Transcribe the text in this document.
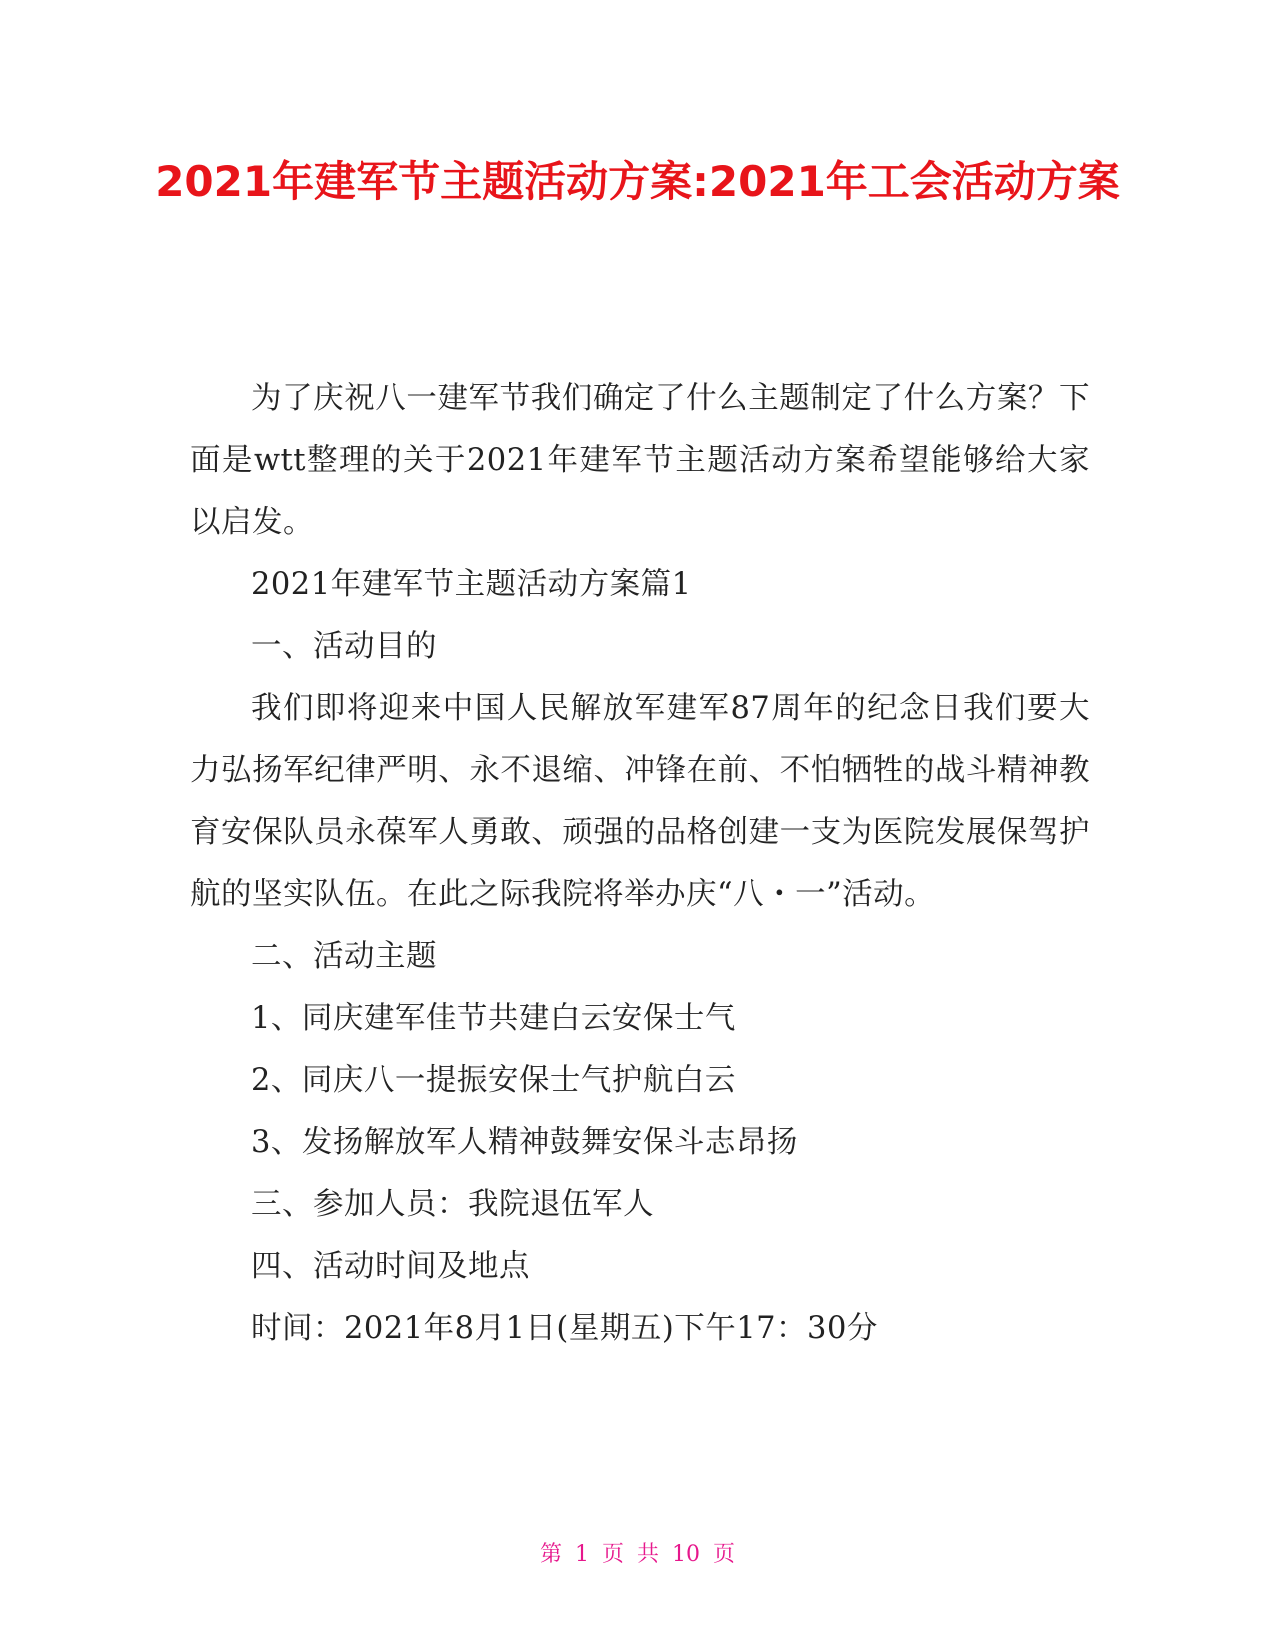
2021年建军节主题活动方案:2021年工会活动方案

为了庆祝八一建军节我们确定了什么主题制定了什么方案？下面是wtt整理的关于2021年建军节主题活动方案希望能够给大家以启发。

2021年建军节主题活动方案篇1

一、活动目的

我们即将迎来中国人民解放军建军87周年的纪念日我们要大力弘扬军纪律严明、永不退缩、冲锋在前、不怕牺牲的战斗精神教育安保队员永葆军人勇敢、顽强的品格创建一支为医院发展保驾护航的坚实队伍。在此之际我院将举办庆“八・一”活动。

二、活动主题

1、同庆建军佳节共建白云安保士气

2、同庆八一提振安保士气护航白云

3、发扬解放军人精神鼓舞安保斗志昂扬

三、参加人员：我院退伍军人

四、活动时间及地点

时间：2021年8月1日(星期五)下午17：30分

第 1 页 共 10 页
